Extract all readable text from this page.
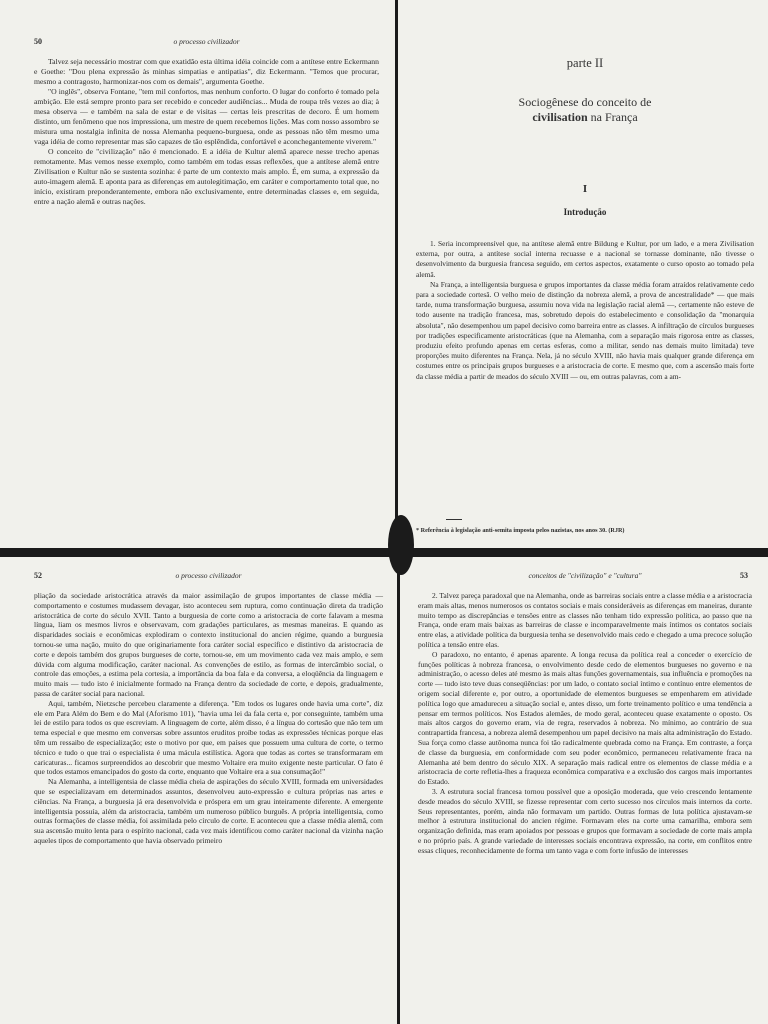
50	o processo civilizador

Talvez seja necessário mostrar com que exatidão esta última idéia coincide com a antítese entre Eckermann e Goethe: "Dou plena expressão às minhas simpatias e antipatias", diz Eckermann. "Temos que procurar, mesmo a contragosto, harmonizar-nos com os demais", argumenta Goethe.

"O inglês", observa Fontane, "tem mil confortos, mas nenhum conforto. O lugar do conforto é tomado pela ambição. Ele está sempre pronto para ser recebido e conceder audiências... Muda de roupa três vezes ao dia; à mesa observa — e também na sala de estar e de visitas — certas leis prescritas de decoro. É um homem distinto, um fenômeno que nos impressiona, um mestre de quem recebemos lições. Mas com nosso assombro se mistura uma nostalgia infinita de nossa Alemanha pequeno-burguesa, onde as pessoas não têm mesmo uma vaga idéia de como representar mas são capazes de tão esplêndida, confortável e aconchegantemente viverem."

O conceito de "civilização" não é mencionado. E a idéia de Kultur alemã aparece nesse trecho apenas remotamente. Mas vemos nesse exemplo, como também em todas essas reflexões, que a antítese alemã entre Zivilisation e Kultur não se sustenta sozinha: é parte de um contexto mais amplo. É, em suma, a expressão da auto-imagem alemã. E aponta para as diferenças em autolegitimação, em caráter e comportamento total que, no início, existiram preponderantemente, embora não exclusivamente, entre determinadas classes e, em seguida, entre a nação alemã e outras nações.

parte II
Sociogênese do conceito de
civilisation na França
I
Introdução

1. Seria incompreensível que, na antítese alemã entre Bildung e Kultur, por um lado, e a mera Zivilisation externa, por outra, a antítese social interna recuasse e a nacional se tornasse dominante, não tivesse o desenvolvimento da burguesia francesa seguido, em certos aspectos, exatamente o curso oposto ao tomado pela alemã.

Na França, a intelligentsia burguesa e grupos importantes da classe média foram atraídos relativamente cedo para a sociedade cortesã. O velho meio de distinção da nobreza alemã, a prova de ancestralidade* — que mais tarde, numa transformação burguesa, assumiu nova vida na legislação racial alemã —, certamente não esteve de todo ausente na tradição francesa, mas, sobretudo depois do estabelecimento e consolidação da "monarquia absoluta", não desempenhou um papel decisivo como barreira entre as classes. A infiltração de círculos burgueses por tradições especificamente aristocráticas (que na Alemanha, com a separação mais rigorosa entre as classes, produziu efeito profundo apenas em certas esferas, como a militar, sendo nas demais muito limitada) teve proporções muito diferentes na França. Nela, já no século XVIII, não havia mais qualquer grande diferença em costumes entre os principais grupos burgueses e a aristocracia de corte. E mesmo que, com a ascensão mais forte da classe média a partir de meados do século XVIII — ou, em outras palavras, com a am-

* Referência à legislação anti-semita imposta pelos nazistas, nos anos 30. (RJR)
52	o processo civilizador

pliação da sociedade aristocrática através da maior assimilação de grupos importantes de classe média — comportamento e costumes mudassem devagar, isto aconteceu sem ruptura, como continuação direta da tradição aristocrática de corte do século XVII. Tanto a burguesia de corte como a aristocracia de corte falavam a mesma língua, liam os mesmos livros e observavam, com gradações particulares, as mesmas maneiras. E quando as disparidades sociais e econômicas explodiram o contexto institucional do ancien régime, quando a burguesia tornou-se uma nação, muito do que originariamente fora caráter social específico e distintivo da aristocracia de corte e depois também dos grupos burgueses de corte, tornou-se, em um movimento cada vez mais amplo, e sem dúvida com alguma modificação, caráter nacional. As convenções de estilo, as formas de intercâmbio social, o controle das emoções, a estima pela cortesia, a importância da boa fala e da conversa, a eloqüência da linguagem e muito mais — tudo isto é inicialmente formado na França dentro da sociedade de corte, e depois, gradualmente, passa de caráter social para nacional.

Aqui, também, Nietzsche percebeu claramente a diferença. "Em todos os lugares onde havia uma corte", diz ele em Para Além do Bem e do Mal (Aforismo 101), "havia uma lei da fala certa e, por conseguinte, também uma lei de estilo para todos os que escreviam. A linguagem de corte, além disso, é a língua do cortesão que não tem um tema especial e que mesmo em conversas sobre assuntos eruditos proíbe todas as expressões técnicas porque elas têm um ressaibo de especialização; este o motivo por que, em países que possuem uma cultura de corte, o termo técnico e tudo o que trai o especialista é uma mácula estilística. Agora que todas as cortes se transformaram em caricaturas... ficamos surpreendidos ao descobrir que mesmo Voltaire era muito exigente neste particular. O fato é que todos estamos emancipados do gosto da corte, enquanto que Voltaire era a sua consumação!"

Na Alemanha, a intelligentsia de classe média cheia de aspirações do século XVIII, formada em universidades que se especializavam em determinados assuntos, desenvolveu auto-expressão e cultura próprias nas artes e ciências. Na França, a burguesia já era desenvolvida e próspera em um grau inteiramente diferente. A emergente intelligentsia possuía, além da aristocracia, também um numeroso público burguês. A própria intelligentsia, como outras formações de classe média, foi assimilada pelo círculo de corte. E aconteceu que a classe média alemã, com sua ascensão muito lenta para o espírito nacional, cada vez mais identificou como caráter nacional da vizinha nação aqueles tipos de comportamento que havia observado primeiro

conceitos de "civilização" e "cultura"	53

2. Talvez pareça paradoxal que na Alemanha, onde as barreiras sociais entre a classe média e a aristocracia eram mais altas, menos numerosos os contatos sociais e mais consideráveis as diferenças em maneiras, durante muito tempo as discrepâncias e tensões entre as classes não tenham tido expressão política, ao passo que na França, onde eram mais baixas as barreiras de classe e incomparavelmente mais íntimos os contatos sociais entre elas, a atividade política da burguesia tenha se desenvolvido mais cedo e chegado a uma precoce solução política a tensão entre elas.

O paradoxo, no entanto, é apenas aparente. A longa recusa da política real a conceder o exercício de funções políticas à nobreza francesa, o envolvimento desde cedo de elementos burgueses no governo e na administração, o acesso deles até mesmo às mais altas funções governamentais, sua influência e promoções na corte — tudo isto teve duas conseqüências: por um lado, o contato social íntimo e contínuo entre elementos de origem social diferente e, por outro, a oportunidade de elementos burgueses se empenharem em atividade política logo que amadureceu a situação social e, antes disso, um forte treinamento político e uma tendência a pensar em termos políticos. Nos Estados alemães, de modo geral, aconteceu quase exatamente o oposto. Os mais altos cargos do governo eram, via de regra, reservados à nobreza. No mínimo, ao contrário de sua contrapartida francesa, a nobreza alemã desempenhou um papel decisivo na mais alta administração do Estado. Sua força como classe autônoma nunca foi tão radicalmente quebrada como na França. Em contraste, a força de classe da burguesia, em conformidade com seu poder econômico, permaneceu relativamente fraca na Alemanha até bem dentro do século XIX. A separação mais radical entre os elementos de classe média e a aristocracia de corte refletia-lhes a fraqueza econômica comparativa e a exclusão dos cargos mais importantes do Estado.

3. A estrutura social francesa tornou possível que a oposição moderada, que veio crescendo lentamente desde meados do século XVIII, se fizesse representar com certo sucesso nos círculos mais internos da corte. Seus representantes, porém, ainda não formavam um partido. Outras formas de luta política ajustavam-se melhor à estrutura institucional do ancien régime. Formavam eles na corte uma camarilha, embora sem organização definida, mas eram apoiados por pessoas e grupos que formavam a sociedade de corte mais ampla e no próprio país. A grande variedade de interesses sociais encontrava expressão, na corte, em conflitos entre essas cliques, reconhecidamente de forma um tanto vaga e com forte infusão de interesses
